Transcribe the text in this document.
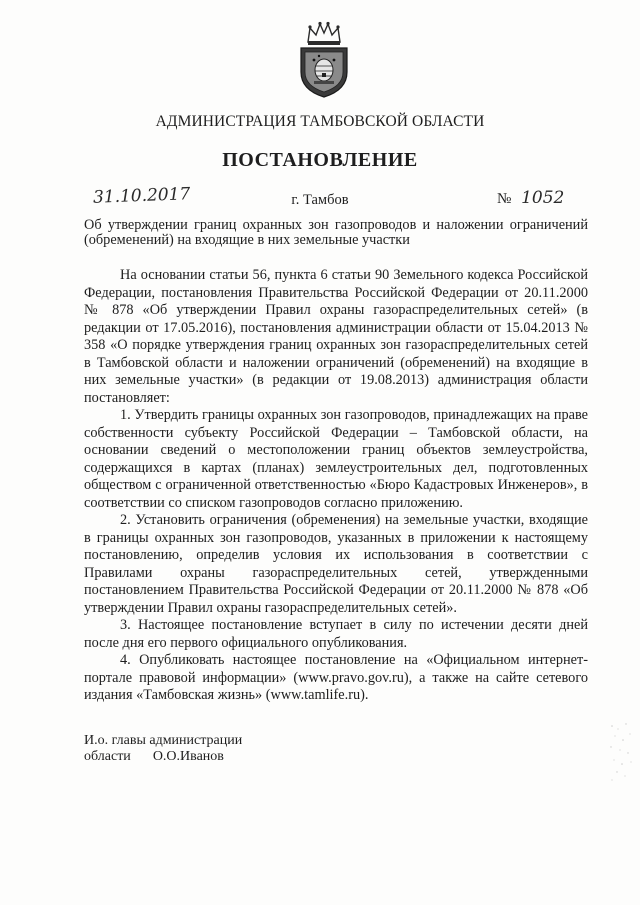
АДМИНИСТРАЦИЯ ТАМБОВСКОЙ ОБЛАСТИ
ПОСТАНОВЛЕНИЕ
31.10.2017	г. Тамбов	№ 1052
Об утверждении границ охранных зон газопроводов и наложении ограничений (обременений) на входящие в них земельные участки

На основании статьи 56, пункта 6 статьи 90 Земельного кодекса Российской Федерации, постановления Правительства Российской Федерации от 20.11.2000 № 878 «Об утверждении Правил охраны газораспределительных сетей» (в редакции от 17.05.2016), постановления администрации области от 15.04.2013 № 358 «О порядке утверждения границ охранных зон газораспределительных сетей в Тамбовской области и наложении ограничений (обременений) на входящие в них земельные участки» (в редакции от 19.08.2013) администрация области постановляет:

1. Утвердить границы охранных зон газопроводов, принадлежащих на праве собственности субъекту Российской Федерации – Тамбовской области, на основании сведений о местоположении границ объектов землеустройства, содержащихся в картах (планах) землеустроительных дел, подготовленных обществом с ограниченной ответственностью «Бюро Кадастровых Инженеров», в соответствии со списком газопроводов согласно приложению.

2. Установить ограничения (обременения) на земельные участки, входящие в границы охранных зон газопроводов, указанных в приложении к настоящему постановлению, определив условия их использования в соответствии с Правилами охраны газораспределительных сетей, утвержденными постановлением Правительства Российской Федерации от 20.11.2000 № 878 «Об утверждении Правил охраны газораспределительных сетей».

3. Настоящее постановление вступает в силу по истечении десяти дней после дня его первого официального опубликования.

4. Опубликовать настоящее постановление на «Официальном интернет-портале правовой информации» (www.pravo.gov.ru), а также на сайте сетевого издания «Тамбовская жизнь» (www.tamlife.ru).

И.о. главы администрации
области О.О.Иванов
